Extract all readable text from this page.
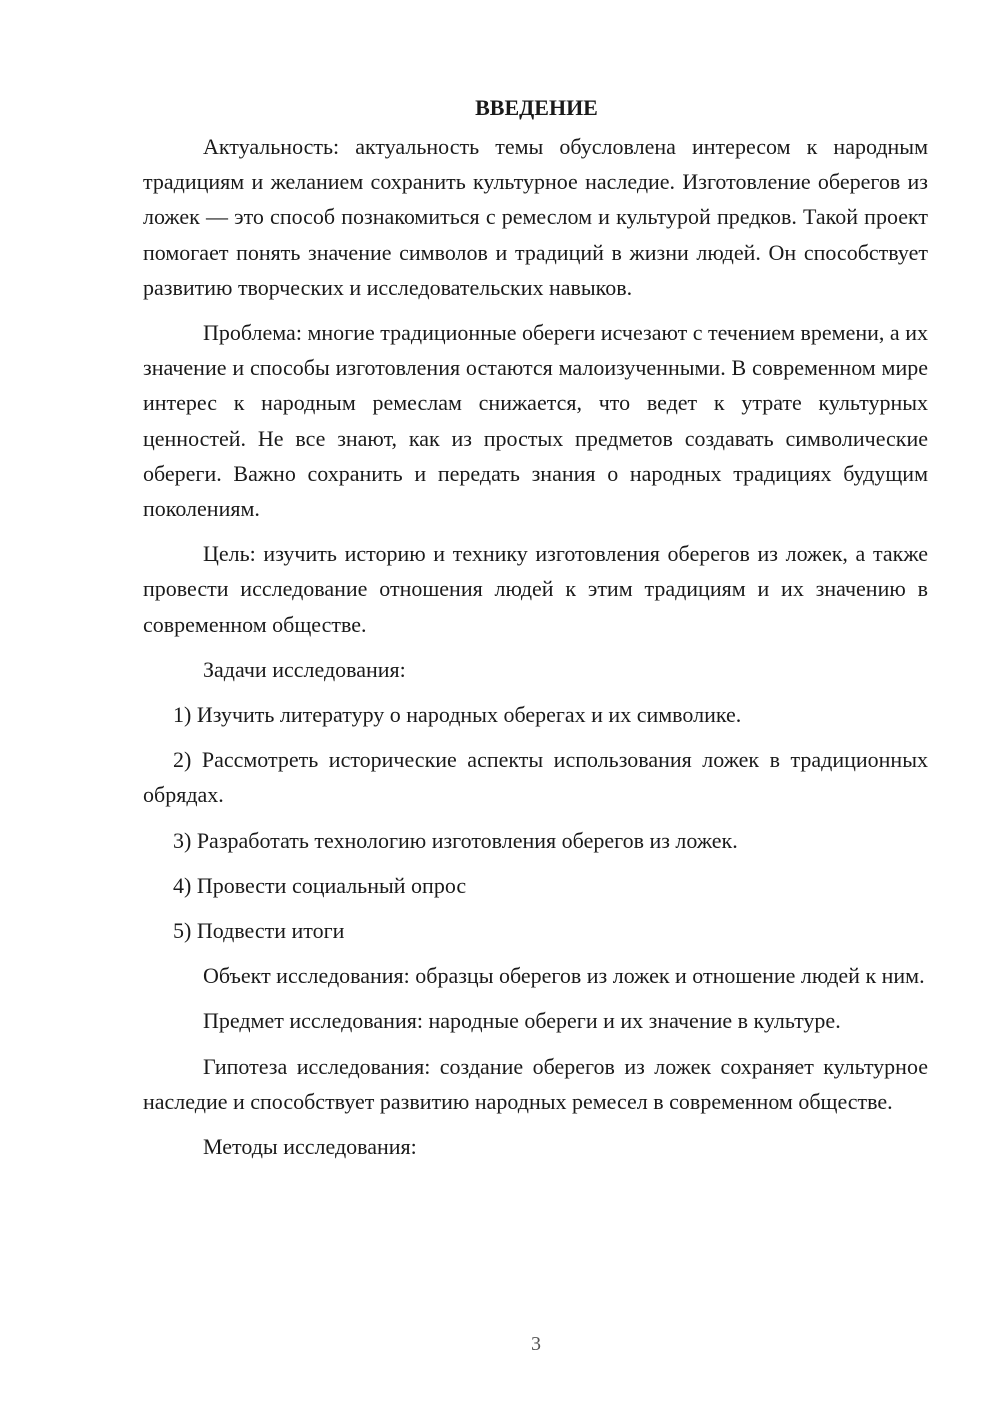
ВВЕДЕНИЕ

Актуальность: актуальность темы обусловлена интересом к народным традициям и желанием сохранить культурное наследие. Изготовление оберегов из ложек — это способ познакомиться с ремеслом и культурой предков. Такой проект помогает понять значение символов и традиций в жизни людей. Он способствует развитию творческих и исследовательских навыков.

Проблема: многие традиционные обереги исчезают с течением времени, а их значение и способы изготовления остаются малоизученными. В современном мире интерес к народным ремеслам снижается, что ведет к утрате культурных ценностей. Не все знают, как из простых предметов создавать символические обереги. Важно сохранить и передать знания о народных традициях будущим поколениям.

Цель: изучить историю и технику изготовления оберегов из ложек, а также провести исследование отношения людей к этим традициям и их значению в современном обществе.

Задачи исследования:

1) Изучить литературу о народных оберегах и их символике.

2) Рассмотреть исторические аспекты использования ложек в традиционных обрядах.

3) Разработать технологию изготовления оберегов из ложек.

4) Провести социальный опрос

5) Подвести итоги

Объект исследования: образцы оберегов из ложек и отношение людей к ним.

Предмет исследования: народные обереги и их значение в культуре.

Гипотеза исследования: создание оберегов из ложек сохраняет культурное наследие и способствует развитию народных ремесел в современном обществе.

Методы исследования:

3
